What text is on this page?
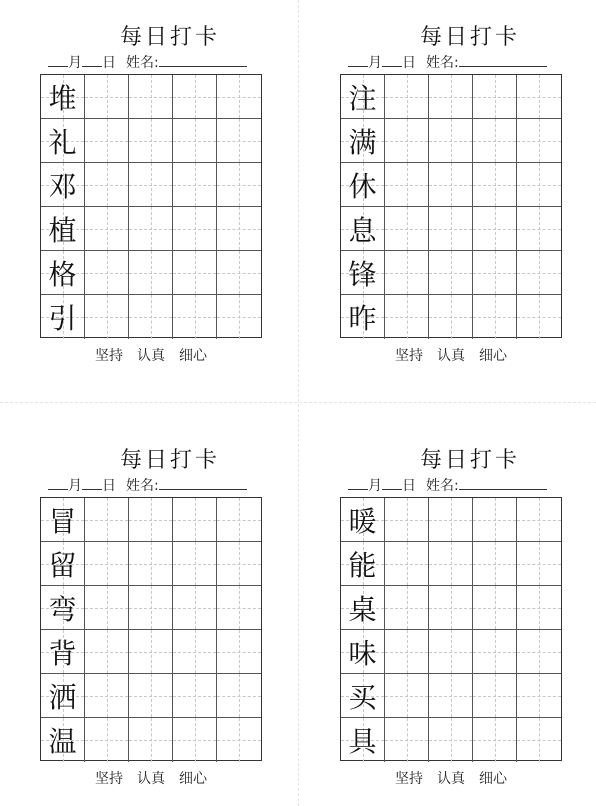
每日打卡
月 日 姓名:
堆
礼
邓
植
格
引
坚持 认真 细心
每日打卡
月 日 姓名:
注
满
休
息
锋
昨
坚持 认真 细心
每日打卡
月 日 姓名:
冒
留
弯
背
洒
温
坚持 认真 细心
每日打卡
月 日 姓名:
暖
能
桌
味
买
具
坚持 认真 细心
